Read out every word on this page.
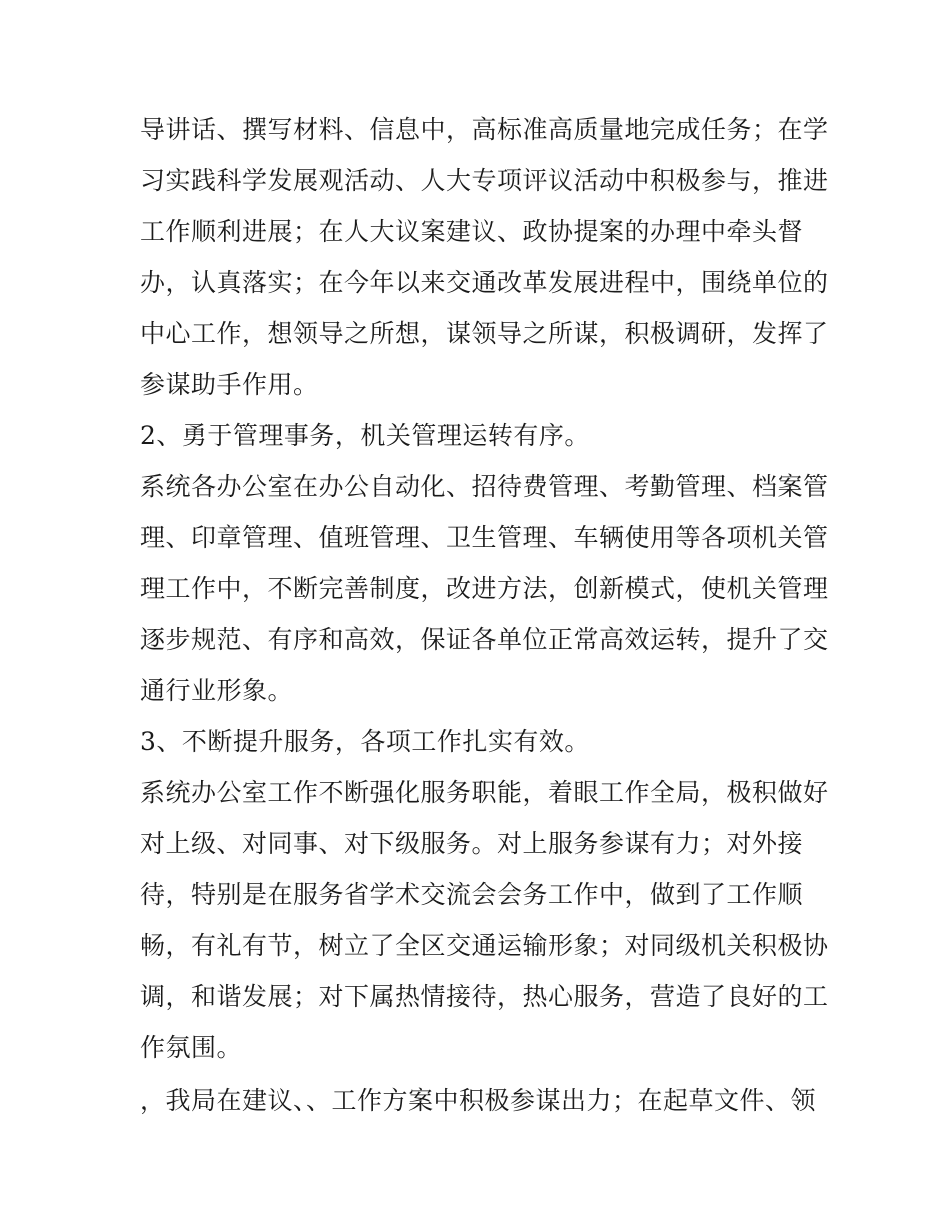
导讲话、撰写材料、信息中，高标准高质量地完成任务；在学
习实践科学发展观活动、人大专项评议活动中积极参与，推进
工作顺利进展；在人大议案建议、政协提案的办理中牵头督
办，认真落实；在今年以来交通改革发展进程中，围绕单位的
中心工作，想领导之所想，谋领导之所谋，积极调研，发挥了
参谋助手作用。
2、勇于管理事务，机关管理运转有序。
系统各办公室在办公自动化、招待费管理、考勤管理、档案管
理、印章管理、值班管理、卫生管理、车辆使用等各项机关管
理工作中，不断完善制度，改进方法，创新模式，使机关管理
逐步规范、有序和高效，保证各单位正常高效运转，提升了交
通行业形象。
3、不断提升服务，各项工作扎实有效。
系统办公室工作不断强化服务职能，着眼工作全局，极积做好
对上级、对同事、对下级服务。对上服务参谋有力；对外接
待，特别是在服务省学术交流会会务工作中，做到了工作顺
畅，有礼有节，树立了全区交通运输形象；对同级机关积极协
调，和谐发展；对下属热情接待，热心服务，营造了良好的工
作氛围。
，我局在建议、、工作方案中积极参谋出力；在起草文件、领
